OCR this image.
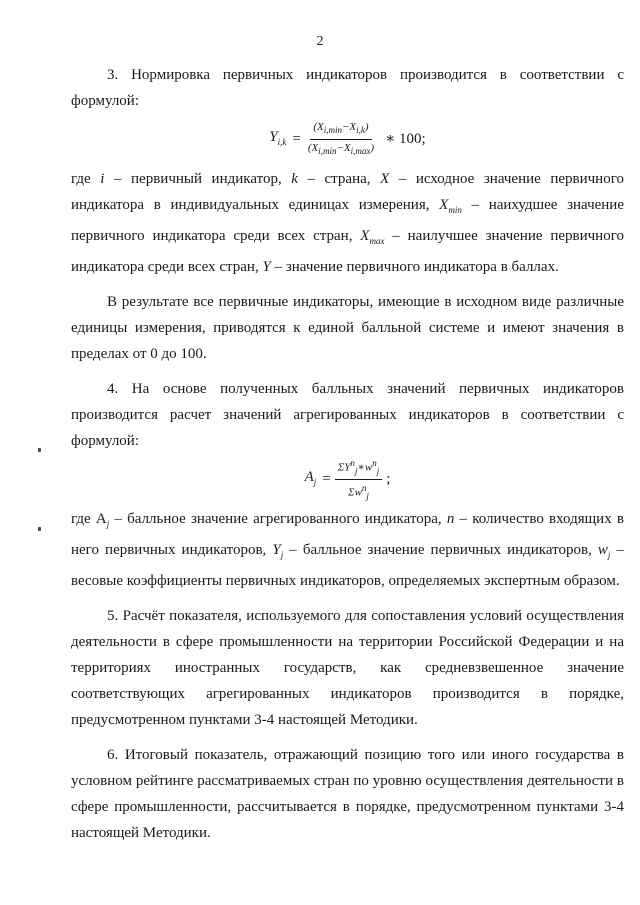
2

3. Нормировка первичных индикаторов производится в соответствии с формулой:

$Y_{i,k} = \frac{(X_{i,min}-X_{i,k})}{(X_{i,min}-X_{i,max})}$ ∗ 100;

где i – первичный индикатор, k – страна, X – исходное значение первичного индикатора в индивидуальных единицах измерения, $X_{min}$ – наихудшее значение первичного индикатора среди всех стран, $X_{max}$ – наилучшее значение первичного индикатора среди всех стран, Y – значение первичного индикатора в баллах.

В результате все первичные индикаторы, имеющие в исходном виде различные единицы измерения, приводятся к единой балльной системе и имеют значения в пределах от 0 до 100.

4. На основе полученных балльных значений первичных индикаторов производится расчет значений агрегированных индикаторов в соответствии с формулой:

$A_j = \frac{\Sigma Y^n_j∗w^n_j}{\Sigma w^n_j}$ ;

где $A_j$ – балльное значение агрегированного индикатора, n – количество входящих в него первичных индикаторов, $Y_j$ – балльное значение первичных индикаторов, $w_j$ – весовые коэффициенты первичных индикаторов, определяемых экспертным образом.

5. Расчёт показателя, используемого для сопоставления условий осуществления деятельности в сфере промышленности на территории Российской Федерации и на территориях иностранных государств, как средневзвешенное значение соответствующих агрегированных индикаторов производится в порядке, предусмотренном пунктами 3-4 настоящей Методики.

6. Итоговый показатель, отражающий позицию того или иного государства в условном рейтинге рассматриваемых стран по уровню осуществления деятельности в сфере промышленности, рассчитывается в порядке, предусмотренном пунктами 3-4 настоящей Методики.
